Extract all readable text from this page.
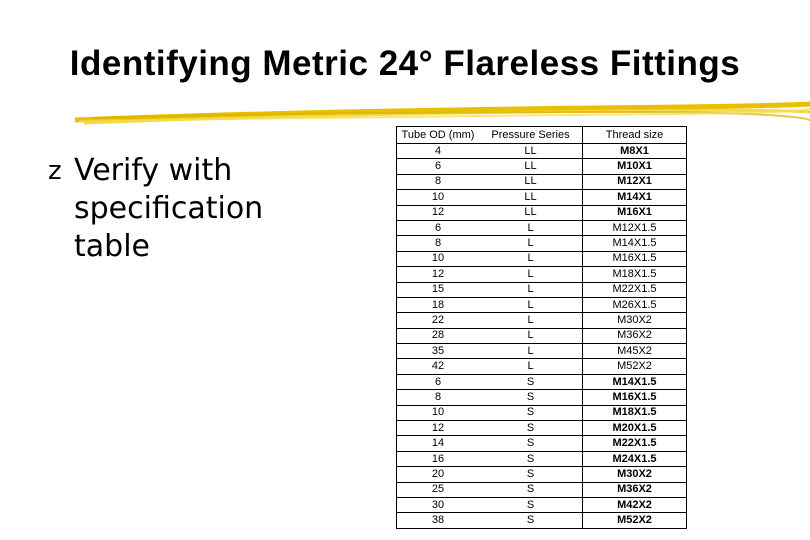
Identifying Metric 24° Flareless Fittings
z Verify with specification table
Tube OD (mm)	Pressure Series	Thread size
4	LL	M8X1
6	LL	M10X1
8	LL	M12X1
10	LL	M14X1
12	LL	M16X1
6	L	M12X1.5
8	L	M14X1.5
10	L	M16X1.5
12	L	M18X1.5
15	L	M22X1.5
18	L	M26X1.5
22	L	M30X2
28	L	M36X2
35	L	M45X2
42	L	M52X2
6	S	M14X1.5
8	S	M16X1.5
10	S	M18X1.5
12	S	M20X1.5
14	S	M22X1.5
16	S	M24X1.5
20	S	M30X2
25	S	M36X2
30	S	M42X2
38	S	M52X2
